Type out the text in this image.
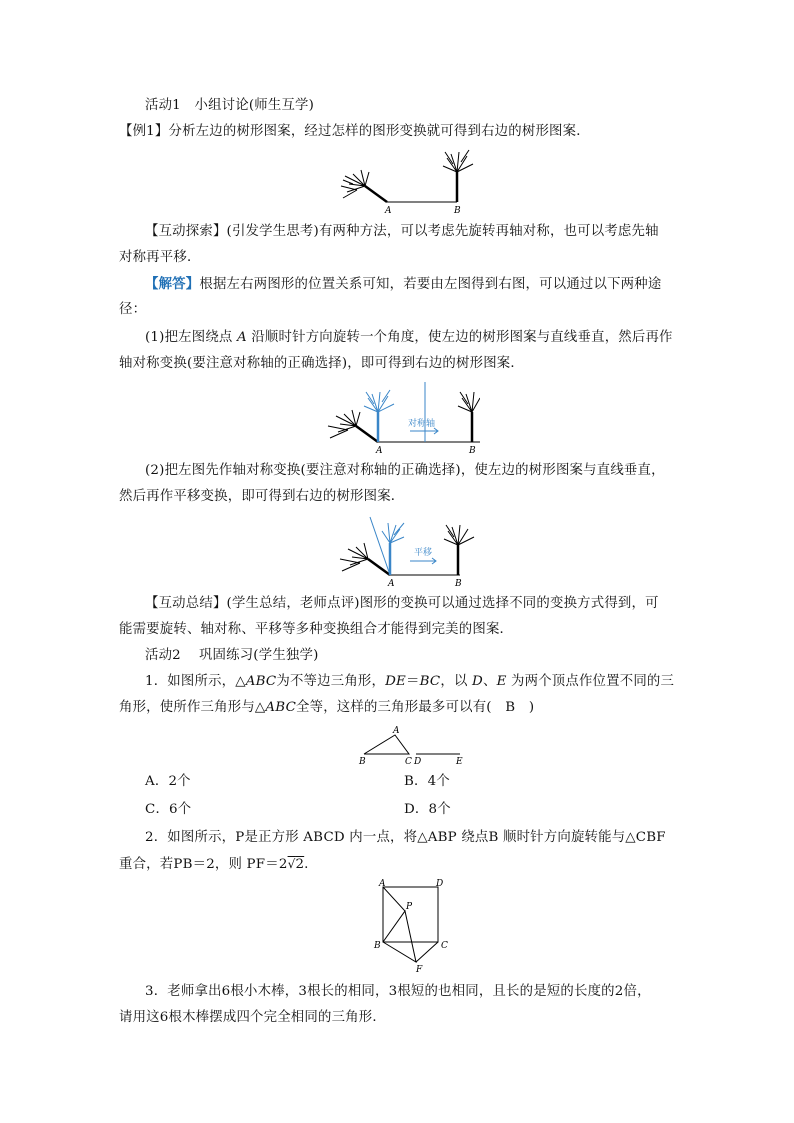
活动1　小组讨论(师生互学)
【例1】分析左边的树形图案，经过怎样的图形变换就可得到右边的树形图案．
A	B
【互动探索】(引发学生思考)有两种方法，可以考虑先旋转再轴对称，也可以考虑先轴
对称再平移．
【解答】根据左右两图形的位置关系可知，若要由左图得到右图，可以通过以下两种途
径：
(1)把左图绕点 A 沿顺时针方向旋转一个角度，使左边的树形图案与直线垂直，然后再作
轴对称变换(要注意对称轴的正确选择)，即可得到右边的树形图案．
对称轴
A	B
(2)把左图先作轴对称变换(要注意对称轴的正确选择)，使左边的树形图案与直线垂直，
然后再作平移变换，即可得到右边的树形图案．
平移
A	B
【互动总结】(学生总结，老师点评)图形的变换可以通过选择不同的变换方式得到，可
能需要旋转、轴对称、平移等多种变换组合才能得到完美的图案．
活动2　 巩固练习(学生独学)
1．如图所示，△ABC为不等边三角形，DE＝BC，以 D、E 为两个顶点作位置不同的三
角形，使所作三角形与△ABC全等，这样的三角形最多可以有(　B　)
A
B	C D	E
A．2个	B．4个
C．6个	D．8个
2．如图所示，P是正方形 ABCD 内一点，将△ABP 绕点B 顺时针方向旋转能与△CBF
重合，若PB＝2，则 PF＝2√2.
A	D
P
B	C
F
3．老师拿出6根小木棒，3根长的相同，3根短的也相同，且长的是短的长度的2倍，
请用这6根木棒摆成四个完全相同的三角形．
